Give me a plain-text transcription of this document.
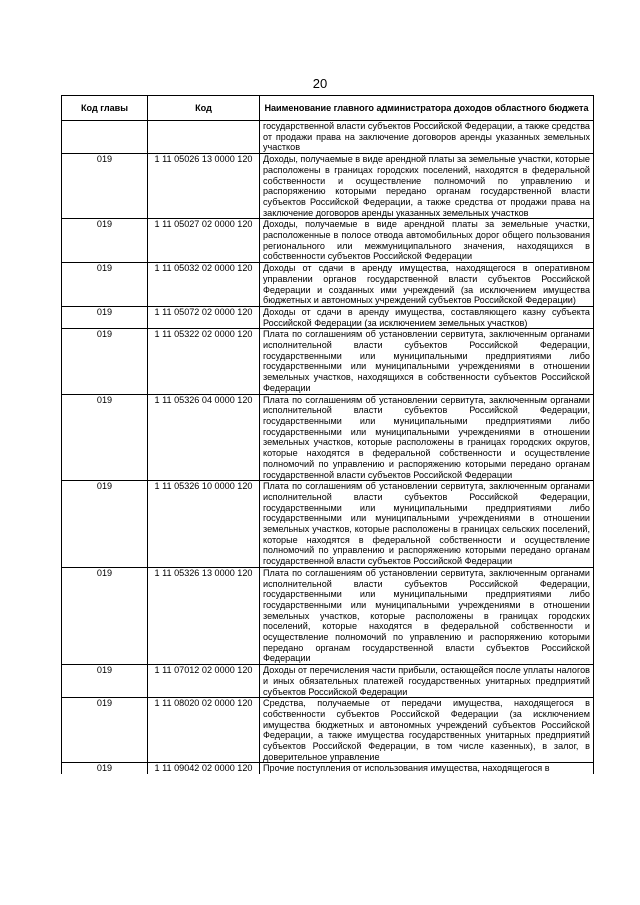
20
Код главы	Код	Наименование главного администратора доходов областного бюджета
		государственной власти субъектов Российской Федерации, а также средства от продажи права на заключение договоров аренды указанных земельных участков
019	1 11 05026 13 0000 120	Доходы, получаемые в виде арендной платы за земельные участки, которые расположены в границах городских поселений, находятся в федеральной собственности и осуществление полномочий по управлению и распоряжению которыми передано органам государственной власти субъектов Российской Федерации, а также средства от продажи права на заключение договоров аренды указанных земельных участков
019	1 11 05027 02 0000 120	Доходы, получаемые в виде арендной платы за земельные участки, расположенные в полосе отвода автомобильных дорог общего пользования регионального или межмуниципального значения, находящихся в собственности субъектов Российской Федерации
019	1 11 05032 02 0000 120	Доходы от сдачи в аренду имущества, находящегося в оперативном управлении органов государственной власти субъектов Российской Федерации и созданных ими учреждений (за исключением имущества бюджетных и автономных учреждений субъектов Российской Федерации)
019	1 11 05072 02 0000 120	Доходы от сдачи в аренду имущества, составляющего казну субъекта Российской Федерации (за исключением земельных участков)
019	1 11 05322 02 0000 120	Плата по соглашениям об установлении сервитута, заключенным органами исполнительной власти субъектов Российской Федерации, государственными или муниципальными предприятиями либо государственными или муниципальными учреждениями в отношении земельных участков, находящихся в собственности субъектов Российской Федерации
019	1 11 05326 04 0000 120	Плата по соглашениям об установлении сервитута, заключенным органами исполнительной власти субъектов Российской Федерации, государственными или муниципальными предприятиями либо государственными или муниципальными учреждениями в отношении земельных участков, которые расположены в границах городских округов, которые находятся в федеральной собственности и осуществление полномочий по управлению и распоряжению которыми передано органам государственной власти субъектов Российской Федерации
019	1 11 05326 10 0000 120	Плата по соглашениям об установлении сервитута, заключенным органами исполнительной власти субъектов Российской Федерации, государственными или муниципальными предприятиями либо государственными или муниципальными учреждениями в отношении земельных участков, которые расположены в границах сельских поселений, которые находятся в федеральной собственности и осуществление полномочий по управлению и распоряжению которыми передано органам государственной власти субъектов Российской Федерации
019	1 11 05326 13 0000 120	Плата по соглашениям об установлении сервитута, заключенным органами исполнительной власти субъектов Российской Федерации, государственными или муниципальными предприятиями либо государственными или муниципальными учреждениями в отношении земельных участков, которые расположены в границах городских поселений, которые находятся в федеральной собственности и осуществление полномочий по управлению и распоряжению которыми передано органам государственной власти субъектов Российской Федерации
019	1 11 07012 02 0000 120	Доходы от перечисления части прибыли, остающейся после уплаты налогов и иных обязательных платежей государственных унитарных предприятий субъектов Российской Федерации
019	1 11 08020 02 0000 120	Средства, получаемые от передачи имущества, находящегося в собственности субъектов Российской Федерации (за исключением имущества бюджетных и автономных учреждений субъектов Российской Федерации, а также имущества государственных унитарных предприятий субъектов Российской Федерации, в том числе казенных), в залог, в доверительное управление
019	1 11 09042 02 0000 120	Прочие поступления от использования имущества, находящегося в
